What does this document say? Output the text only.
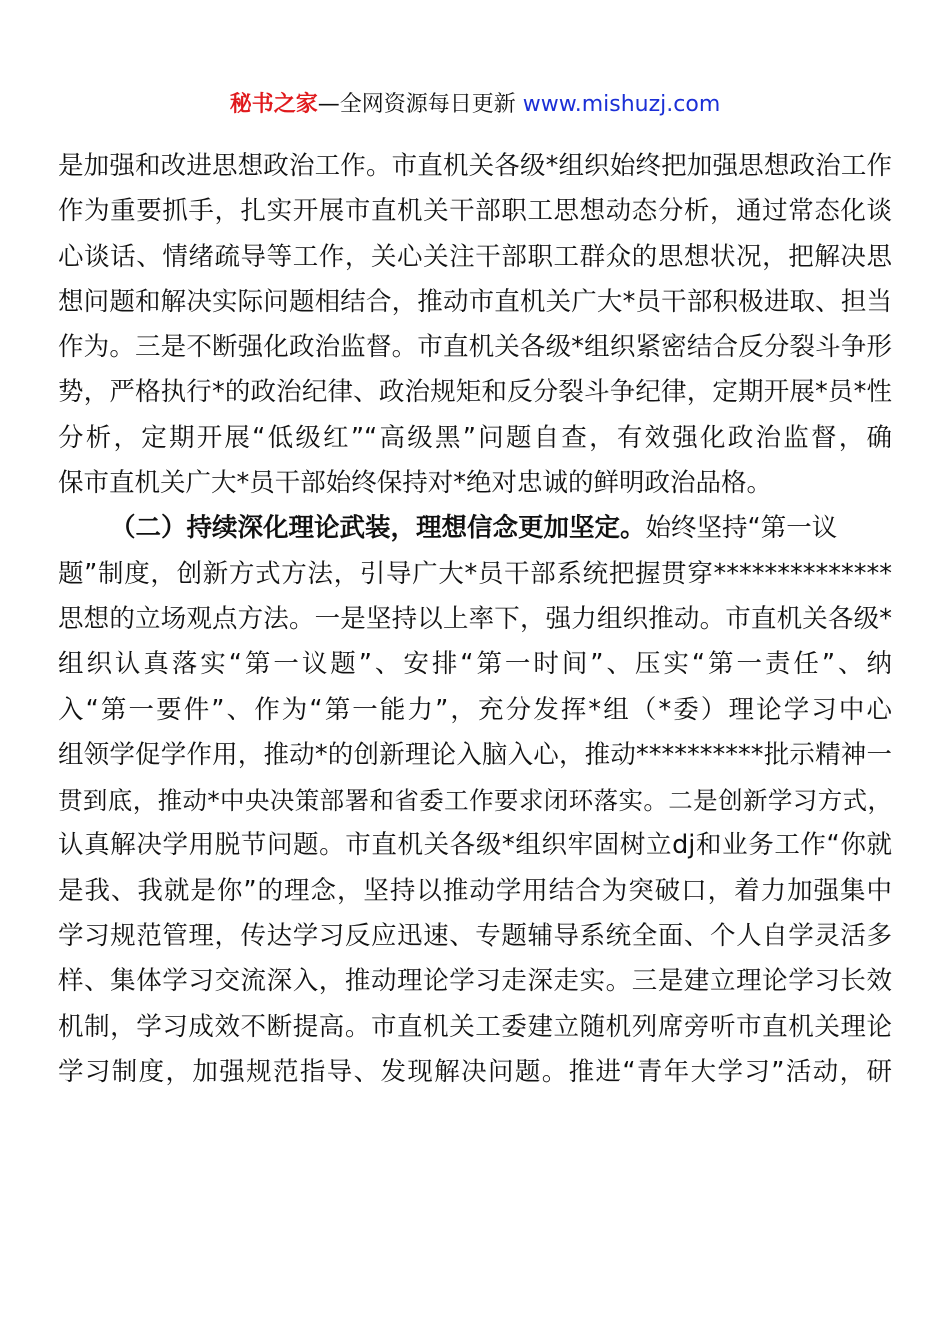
秘书之家—全网资源每日更新 www.mishuzj.com
是加强和改进思想政治工作。市直机关各级*组织始终把加强思想政治工作
作为重要抓手，扎实开展市直机关干部职工思想动态分析，通过常态化谈
心谈话、情绪疏导等工作，关心关注干部职工群众的思想状况，把解决思
想问题和解决实际问题相结合，推动市直机关广大*员干部积极进取、担当
作为。三是不断强化政治监督。市直机关各级*组织紧密结合反分裂斗争形
势，严格执行*的政治纪律、政治规矩和反分裂斗争纪律，定期开展*员*性
分析，定期开展“低级红”“高级黑”问题自查，有效强化政治监督，确
保市直机关广大*员干部始终保持对*绝对忠诚的鲜明政治品格。
（二）持续深化理论武装，理想信念更加坚定。始终坚持“第一议
题”制度，创新方式方法，引导广大*员干部系统把握贯穿**************
思想的立场观点方法。一是坚持以上率下，强力组织推动。市直机关各级*
组织认真落实“第一议题”、安排“第一时间”、压实“第一责任”、纳
入“第一要件”、作为“第一能力”，充分发挥*组（*委）理论学习中心
组领学促学作用，推动*的创新理论入脑入心，推动**********批示精神一
贯到底，推动*中央决策部署和省委工作要求闭环落实。二是创新学习方式，
认真解决学用脱节问题。市直机关各级*组织牢固树立dj和业务工作“你就
是我、我就是你”的理念，坚持以推动学用结合为突破口，着力加强集中
学习规范管理，传达学习反应迅速、专题辅导系统全面、个人自学灵活多
样、集体学习交流深入，推动理论学习走深走实。三是建立理论学习长效
机制，学习成效不断提高。市直机关工委建立随机列席旁听市直机关理论
学习制度，加强规范指导、发现解决问题。推进“青年大学习”活动，研
